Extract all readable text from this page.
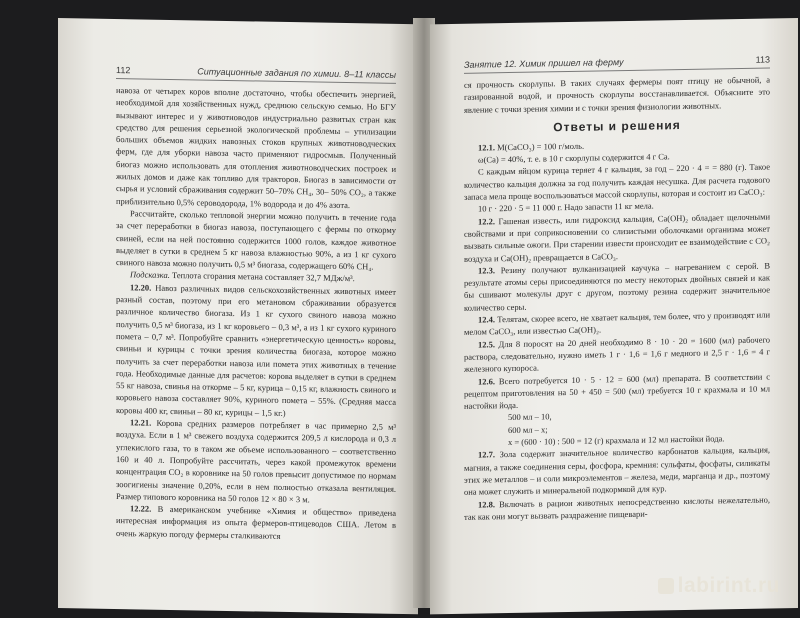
112	Ситуационные задания по химии. 8–11 классы

навоза от четырех коров вполне достаточно, чтобы обеспечить энергией, необходимой для хозяйственных нужд, среднюю сельскую семью. Но БГУ вызывают интерес и у животноводов индустриально развитых стран как средство для решения серьезной экологической проблемы – утилизации больших объемов жидких навозных стоков крупных животноводческих ферм, где для уборки навоза часто применяют гидросмыв. Полученный биогаз можно использовать для отопления животноводческих построек и жилых домов и даже как топливо для тракторов. Биогаз в зависимости от сырья и условий сбраживания содержит 50–70% CH₄, 30– 50% CO₂, а также приблизительно 0,5% сероводорода, 1% водорода и до 4% азота.

Рассчитайте, сколько тепловой энергии можно получить в течение года за счет переработки в биогаз навоза, поступающего с фермы по откорму свиней, если на ней постоянно содержится 1000 голов, каждое животное выделяет в сутки в среднем 5 кг навоза влажностью 90%, а из 1 кг сухого свиного навоза можно получить 0,5 м³ биогаза, содержащего 60% CH₄.

Подсказка. Теплота сгорания метана составляет 32,7 МДж/м³.

12.20. Навоз различных видов сельскохозяйственных животных имеет разный состав, поэтому при его метановом сбраживании образуется различное количество биогаза. Из 1 кг сухого свиного навоза можно получить 0,5 м³ биогаза, из 1 кг коровьего – 0,3 м³, а из 1 кг сухого куриного помета – 0,7 м³. Попробуйте сравнить «энергетическую ценность» коровы, свиньи и курицы с точки зрения количества биогаза, которое можно получить за счет переработки навоза или помета этих животных в течение года. Необходимые данные для расчетов: корова выделяет в сутки в среднем 55 кг навоза, свинья на откорме – 5 кг, курица – 0,15 кг, влажность свиного и коровьего навоза составляет 90%, куриного помета – 55%. (Средняя масса коровы 400 кг, свиньи – 80 кг, курицы – 1,5 кг.)

12.21. Корова средних размеров потребляет в час примерно 2,5 м³ воздуха. Если в 1 м³ свежего воздуха содержится 209,5 л кислорода и 0,3 л углекислого газа, то в таком же объеме использованного – соответственно 160 и 40 л. Попробуйте рассчитать, через какой промежуток времени концентрация CO₂ в коровнике на 50 голов превысит допустимое по нормам зоогигиены значение 0,20%, если в нем полностью отказала вентиляция. Размер типового коровника на 50 голов 12 × 80 × 3 м.

12.22. В американском учебнике «Химия и общество» приведена интересная информация из опыта фермеров-птицеводов США. Летом в очень жаркую погоду фермеры сталкиваются

Занятие 12. Химик пришел на ферму	113

ся прочность скорлупы. В таких случаях фермеры поят птицу не обычной, а газированной водой, и прочность скорлупы восстанавливается. Объясните это явление с точки зрения химии и с точки зрения физиологии животных.

Ответы и решения

12.1. M(CaCO₃) = 100 г/моль.

ω(Ca) = 40%, т. е. в 10 г скорлупы содержится 4 г Ca.

С каждым яйцом курица теряет 4 г кальция, за год – 220 · 4 = = 880 (г). Такое количество кальция должна за год получить каждая несушка. Для расчета годового запаса мела проще воспользоваться массой скорлупы, которая и состоит из CaCO₃:

10 г · 220 · 5 = 11 000 г. Надо запасти 11 кг мела.

12.2. Гашеная известь, или гидроксид кальция, Ca(OH)₂ обладает щелочными свойствами и при соприкосновении со слизистыми оболочками организма может вызвать сильные ожоги. При старении извести происходит ее взаимодействие с CO₂ воздуха и Ca(OH)₂ превращается в CaCO₃.

12.3. Резину получают вулканизацией каучука – нагреванием с серой. В результате атомы серы присоединяются по месту некоторых двойных связей и как бы сшивают молекулы друг с другом, поэтому резина содержит значительное количество серы.

12.4. Телятам, скорее всего, не хватает кальция, тем более, что у производят или мелом CaCO₃, или известью Ca(OH)₂.

12.5. Для 8 поросят на 20 дней необходимо 8 · 10 · 20 = 1600 (мл) рабочего раствора, следовательно, нужно иметь 1 г · 1,6 = 1,6 г медного и 2,5 г · 1,6 = 4 г железного купороса.

12.6. Всего потребуется 10 · 5 · 12 = 600 (мл) препарата. В соответствии с рецептом приготовления на 50 + 450 = 500 (мл) требуется 10 г крахмала и 10 мл настойки йода.

500 мл – 10,

600 мл – x;

x = (600 · 10) : 500 = 12 (г) крахмала и 12 мл настойки йода.

12.7. Зола содержит значительное количество карбонатов кальция, кальция, магния, а также соединения серы, фосфора, кремния: сульфаты, фосфаты, силикаты этих же металлов – и соли микроэлементов – железа, меди, марганца и др., поэтому она может служить и минеральной подкормкой для кур.

12.8. Включать в рацион животных непосредственно кислоты нежелательно, так как они могут вызвать раздражение пищевари-

labirint.ru
